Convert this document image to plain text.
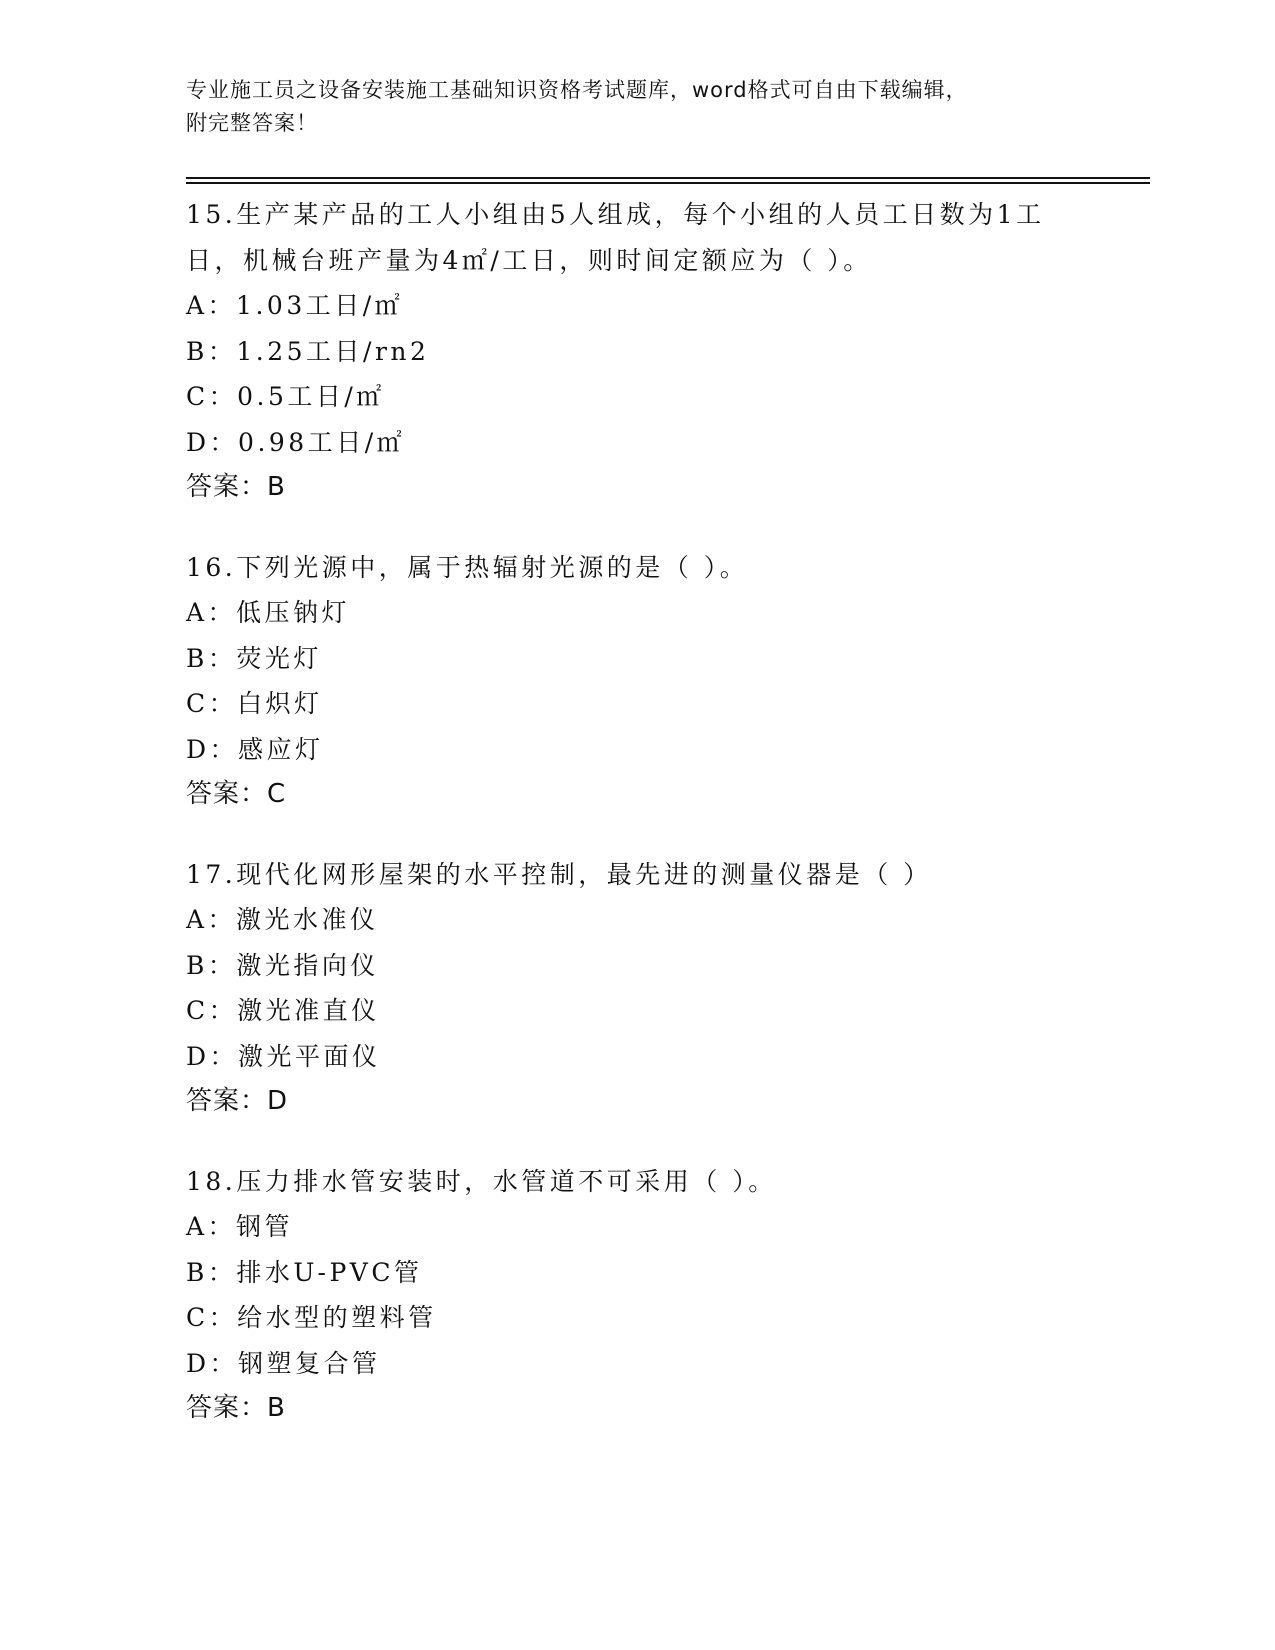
专业施工员之设备安装施工基础知识资格考试题库，word格式可自由下载编辑，
附完整答案！
15.生产某产品的工人小组由5人组成，每个小组的人员工日数为1工
日，机械台班产量为4㎡/工日，则时间定额应为（ ）。
A：1.03工日/㎡
B：1.25工日/rn2
C：0.5工日/㎡
D：0.98工日/㎡
答案：B
16.下列光源中，属于热辐射光源的是（ ）。
A：低压钠灯
B：荧光灯
C：白炽灯
D：感应灯
答案：C
17.现代化网形屋架的水平控制，最先进的测量仪器是（ ）
A：激光水准仪
B：激光指向仪
C：激光准直仪
D：激光平面仪
答案：D
18.压力排水管安装时，水管道不可采用（ ）。
A：钢管
B：排水U-PVC管
C：给水型的塑料管
D：钢塑复合管
答案：B
